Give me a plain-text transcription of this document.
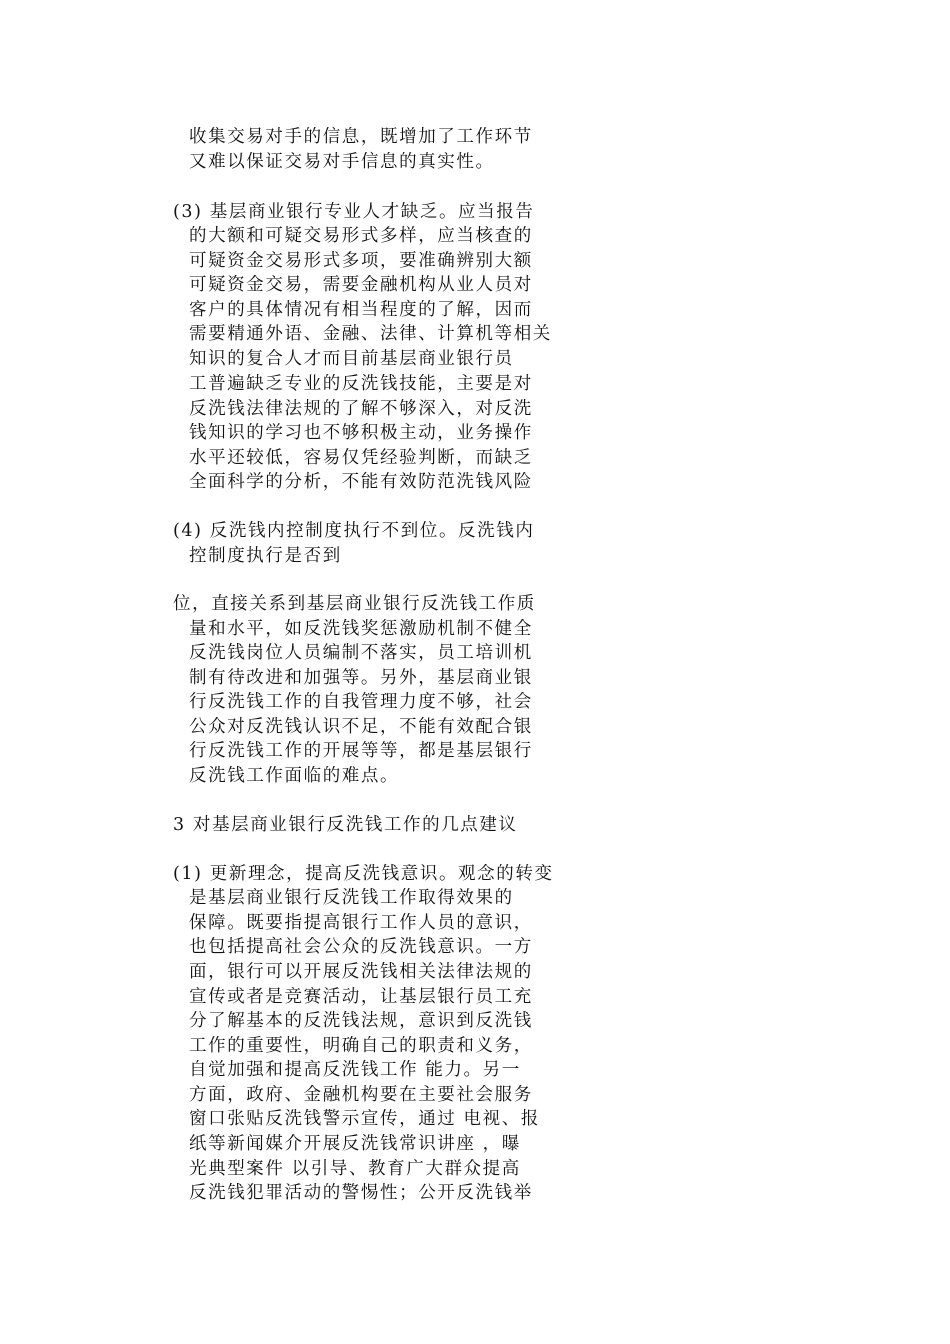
收集交易对手的信息，既增加了工作环节
又难以保证交易对手信息的真实性。
(3) 基层商业银行专业人才缺乏。应当报告
的大额和可疑交易形式多样，应当核查的
可疑资金交易形式多项，要准确辨别大额
可疑资金交易，需要金融机构从业人员对
客户的具体情况有相当程度的了解，因而
需要精通外语、金融、法律、计算机等相关
知识的复合人才而目前基层商业银行员
工普遍缺乏专业的反洗钱技能，主要是对
反洗钱法律法规的了解不够深入，对反洗
钱知识的学习也不够积极主动，业务操作
水平还较低，容易仅凭经验判断，而缺乏
全面科学的分析，不能有效防范洗钱风险
(4) 反洗钱内控制度执行不到位。反洗钱内
控制度执行是否到
位，直接关系到基层商业银行反洗钱工作质
量和水平，如反洗钱奖惩激励机制不健全
反洗钱岗位人员编制不落实，员工培训机
制有待改进和加强等。另外，基层商业银
行反洗钱工作的自我管理力度不够，社会
公众对反洗钱认识不足，不能有效配合银
行反洗钱工作的开展等等，都是基层银行
反洗钱工作面临的难点。
3 对基层商业银行反洗钱工作的几点建议
(1) 更新理念，提高反洗钱意识。观念的转变
是基层商业银行反洗钱工作取得效果的
保障。既要指提高银行工作人员的意识，
也包括提高社会公众的反洗钱意识。一方
面，银行可以开展反洗钱相关法律法规的
宣传或者是竞赛活动，让基层银行员工充
分了解基本的反洗钱法规，意识到反洗钱
工作的重要性，明确自己的职责和义务，
自觉加强和提高反洗钱工作 能力。另一
方面，政府、金融机构要在主要社会服务
窗口张贴反洗钱警示宣传，通过 电视、报
纸等新闻媒介开展反洗钱常识讲座 ，曝
光典型案件 以引导、教育广大群众提高
反洗钱犯罪活动的警惕性；公开反洗钱举
